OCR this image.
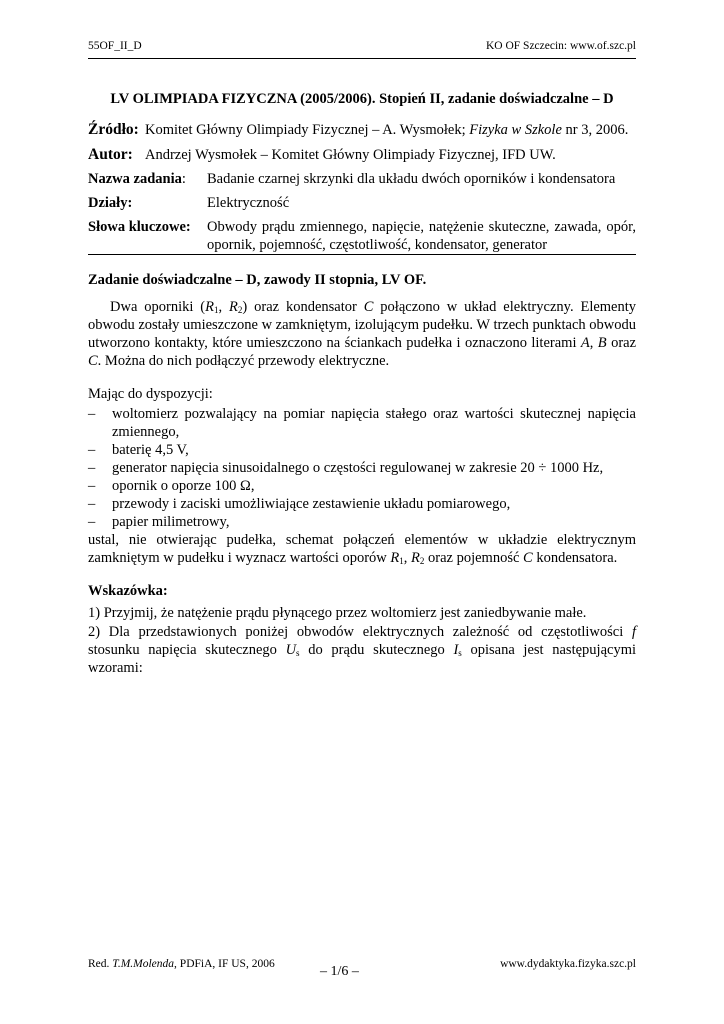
55OF_II_D	KO OF Szczecin: www.of.szc.pl
LV OLIMPIADA FIZYCZNA (2005/2006). Stopień II, zadanie doświadczalne – D
Źródło: Komitet Główny Olimpiady Fizycznej – A. Wysmołek; Fizyka w Szkole nr 3, 2006.
Autor: Andrzej Wysmołek – Komitet Główny Olimpiady Fizycznej, IFD UW.
Nazwa zadania: Badanie czarnej skrzynki dla układu dwóch oporników i kondensatora
Działy:	Elektryczność
Słowa kluczowe: Obwody prądu zmiennego, napięcie, natężenie skuteczne, zawada, opór, opornik, pojemność, częstotliwość, kondensator, generator
Zadanie doświadczalne – D, zawody II stopnia, LV OF.
Dwa oporniki ($R_1$, $R_2$) oraz kondensator C połączono w układ elektryczny. Elementy obwodu zostały umieszczone w zamkniętym, izolującym pudełku. W trzech punktach obwodu utworzono kontakty, które umieszczono na ściankach pudełka i oznaczono literami A, B oraz C. Można do nich podłączyć przewody elektryczne.
Mając do dyspozycji:
– woltomierz pozwalający na pomiar napięcia stałego oraz wartości skutecznej napięcia zmiennego,
– baterię 4,5 V,
– generator napięcia sinusoidalnego o częstości regulowanej w zakresie 20 ÷ 1000 Hz,
– opornik o oporze 100 Ω,
– przewody i zaciski umożliwiające zestawienie układu pomiarowego,
– papier milimetrowy,
ustal, nie otwierając pudełka, schemat połączeń elementów w układzie elektrycznym zamkniętym w pudełku i wyznacz wartości oporów $R_1$, $R_2$ oraz pojemność C kondensatora.
Wskazówka:
1) Przyjmij, że natężenie prądu płynącego przez woltomierz jest zaniedbywanie małe.
2) Dla przedstawionych poniżej obwodów elektrycznych zależność od częstotliwości f stosunku napięcia skutecznego $U_s$ do prądu skutecznego $I_s$ opisana jest następującymi wzorami:
Red. T.M.Molenda, PDFiA, IF US, 2006	– 1/6 –	www.dydaktyka.fizyka.szc.pl
